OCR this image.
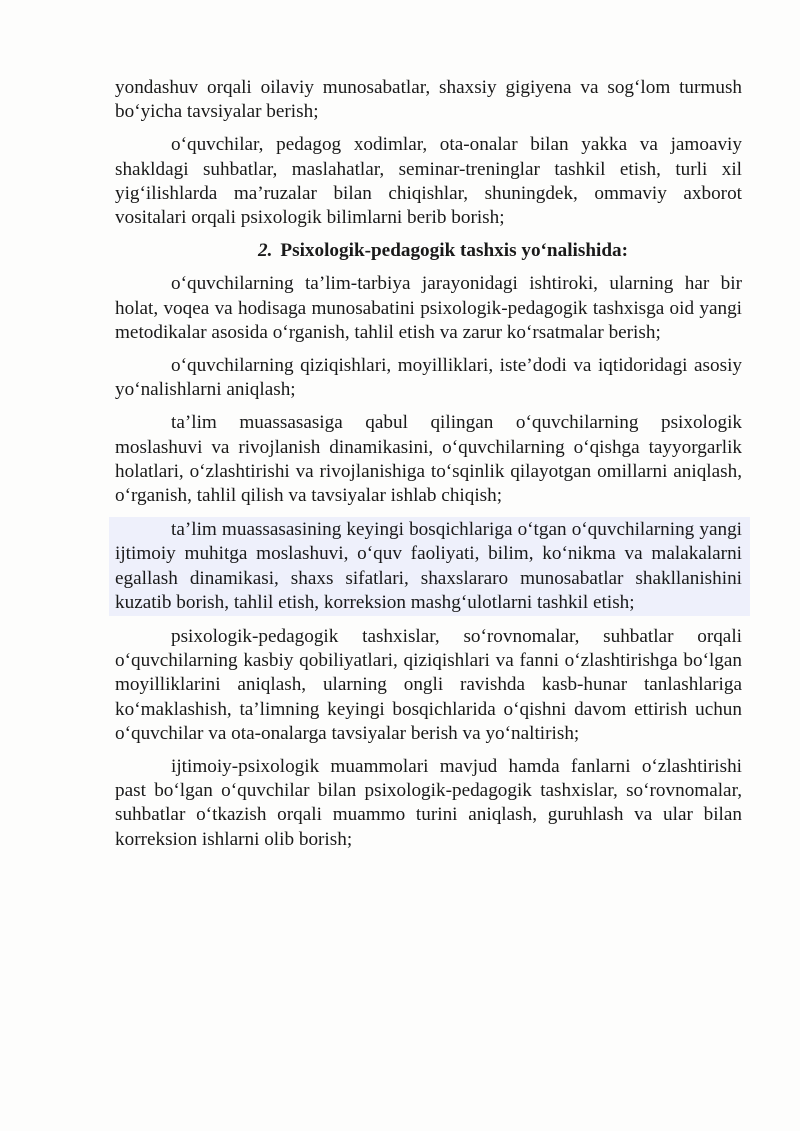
yondashuv orqali oilaviy munosabatlar, shaxsiy gigiyena va sog‘lom turmush bo‘yicha tavsiyalar berish;

o‘quvchilar, pedagog xodimlar, ota-onalar bilan yakka va jamoaviy shakldagi suhbatlar, maslahatlar, seminar-treninglar tashkil etish, turli xil yig‘ilishlarda ma’ruzalar bilan chiqishlar, shuningdek, ommaviy axborot vositalari orqali psixologik bilimlarni berib borish;

2. Psixologik-pedagogik tashxis yo‘nalishida:

o‘quvchilarning ta’lim-tarbiya jarayonidagi ishtiroki, ularning har bir holat, voqea va hodisaga munosabatini psixologik-pedagogik tashxisga oid yangi metodikalar asosida o‘rganish, tahlil etish va zarur ko‘rsatmalar berish;

o‘quvchilarning qiziqishlari, moyilliklari, iste’dodi va iqtidoridagi asosiy yo‘nalishlarni aniqlash;

ta’lim muassasasiga qabul qilingan o‘quvchilarning psixologik moslashuvi va rivojlanish dinamikasini, o‘quvchilarning o‘qishga tayyorgarlik holatlari, o‘zlashtirishi va rivojlanishiga to‘sqinlik qilayotgan omillarni aniqlash, o‘rganish, tahlil qilish va tavsiyalar ishlab chiqish;

ta’lim muassasasining keyingi bosqichlariga o‘tgan o‘quvchilarning yangi ijtimoiy muhitga moslashuvi, o‘quv faoliyati, bilim, ko‘nikma va malakalarni egallash dinamikasi, shaxs sifatlari, shaxslararo munosabatlar shakllanishini kuzatib borish, tahlil etish, korreksion mashg‘ulotlarni tashkil etish;

psixologik-pedagogik tashxislar, so‘rovnomalar, suhbatlar orqali o‘quvchilarning kasbiy qobiliyatlari, qiziqishlari va fanni o‘zlashtirishga bo‘lgan moyilliklarini aniqlash, ularning ongli ravishda kasb-hunar tanlashlariga ko‘maklashish, ta’limning keyingi bosqichlarida o‘qishni davom ettirish uchun o‘quvchilar va ota-onalarga tavsiyalar berish va yo‘naltirish;

ijtimoiy-psixologik muammolari mavjud hamda fanlarni o‘zlashtirishi past bo‘lgan o‘quvchilar bilan psixologik-pedagogik tashxislar, so‘rovnomalar, suhbatlar o‘tkazish orqali muammo turini aniqlash, guruhlash va ular bilan korreksion ishlarni olib borish;
